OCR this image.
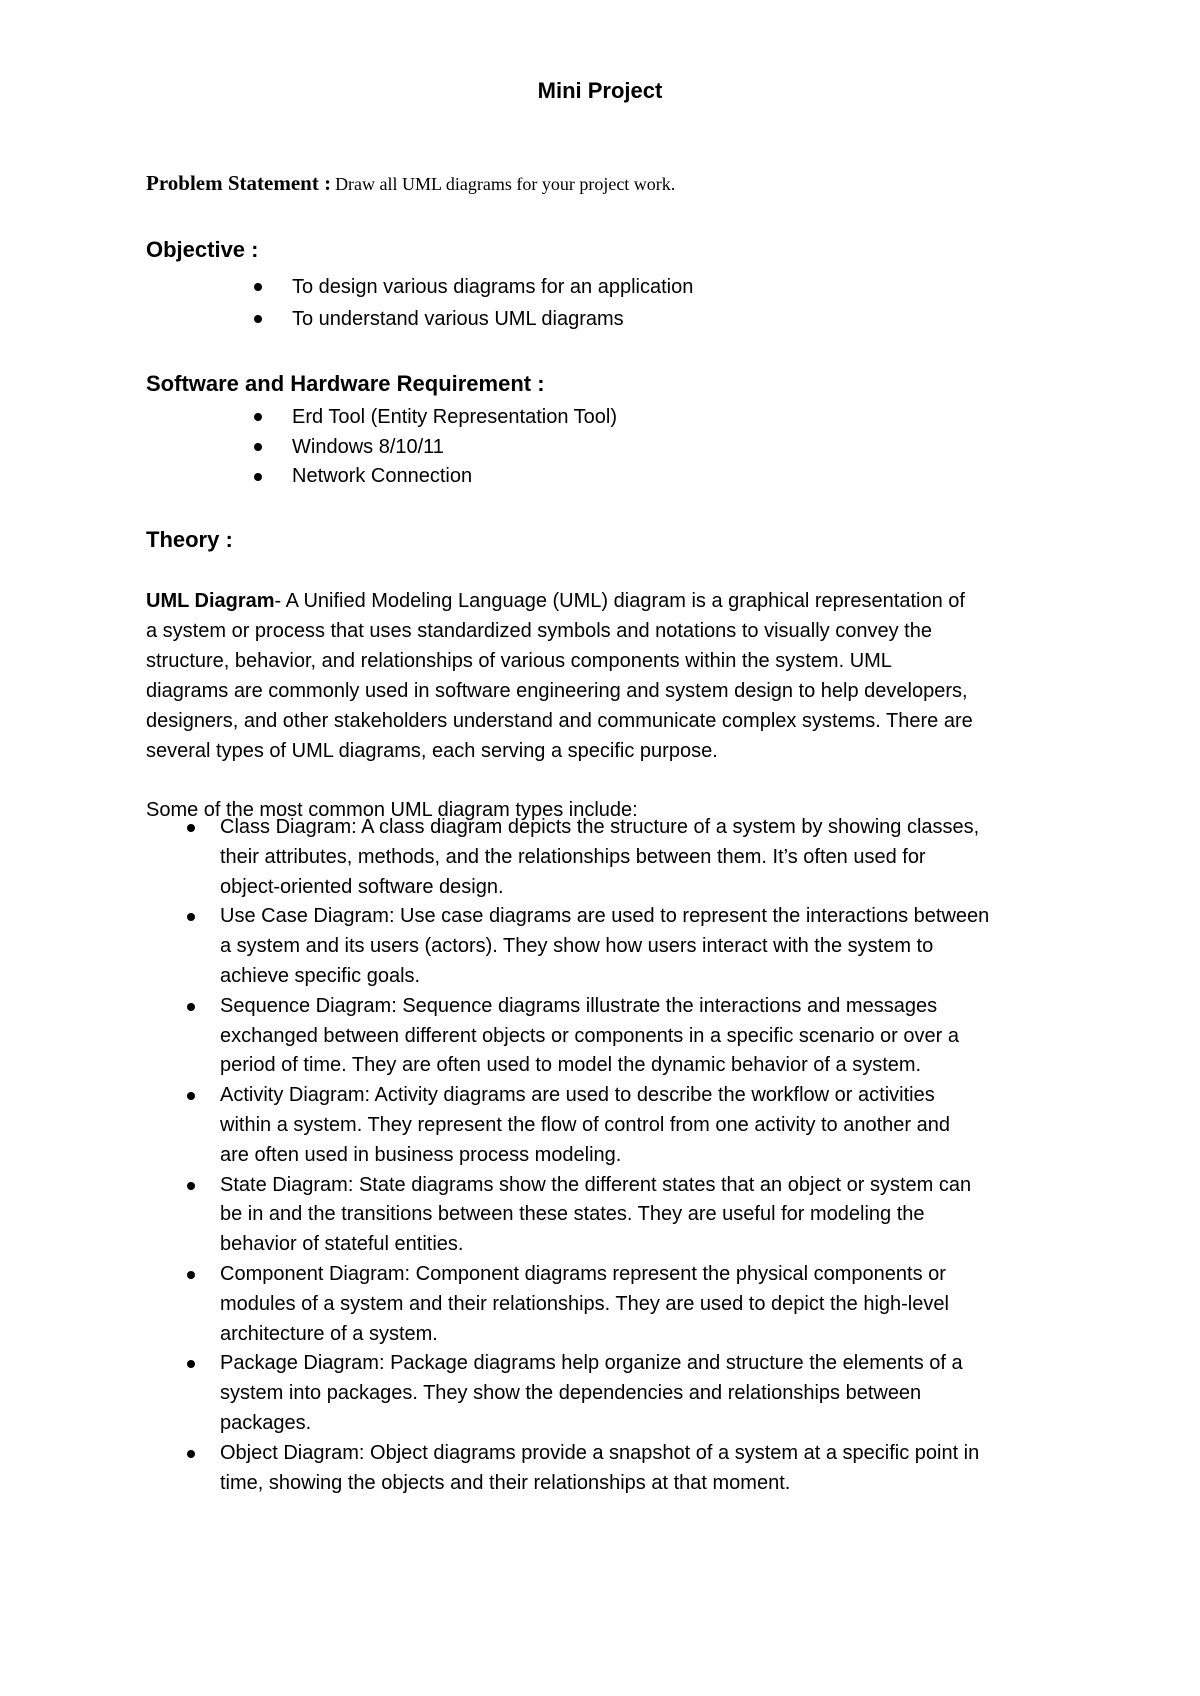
Mini Project
Problem Statement : Draw all UML diagrams for your project work.
Objective :
To design various diagrams for an application
To understand various UML diagrams
Software and Hardware Requirement :
Erd Tool (Entity Representation Tool)
Windows 8/10/11
Network Connection
Theory :
UML Diagram- A Unified Modeling Language (UML) diagram is a graphical representation of
a system or process that uses standardized symbols and notations to visually convey the
structure, behavior, and relationships of various components within the system. UML
diagrams are commonly used in software engineering and system design to help developers,
designers, and other stakeholders understand and communicate complex systems. There are
several types of UML diagrams, each serving a specific purpose.
Some of the most common UML diagram types include:
Class Diagram: A class diagram depicts the structure of a system by showing classes,
their attributes, methods, and the relationships between them. It’s often used for
object-oriented software design.
Use Case Diagram: Use case diagrams are used to represent the interactions between
a system and its users (actors). They show how users interact with the system to
achieve specific goals.
Sequence Diagram: Sequence diagrams illustrate the interactions and messages
exchanged between different objects or components in a specific scenario or over a
period of time. They are often used to model the dynamic behavior of a system.
Activity Diagram: Activity diagrams are used to describe the workflow or activities
within a system. They represent the flow of control from one activity to another and
are often used in business process modeling.
State Diagram: State diagrams show the different states that an object or system can
be in and the transitions between these states. They are useful for modeling the
behavior of stateful entities.
Component Diagram: Component diagrams represent the physical components or
modules of a system and their relationships. They are used to depict the high-level
architecture of a system.
Package Diagram: Package diagrams help organize and structure the elements of a
system into packages. They show the dependencies and relationships between
packages.
Object Diagram: Object diagrams provide a snapshot of a system at a specific point in
time, showing the objects and their relationships at that moment.
